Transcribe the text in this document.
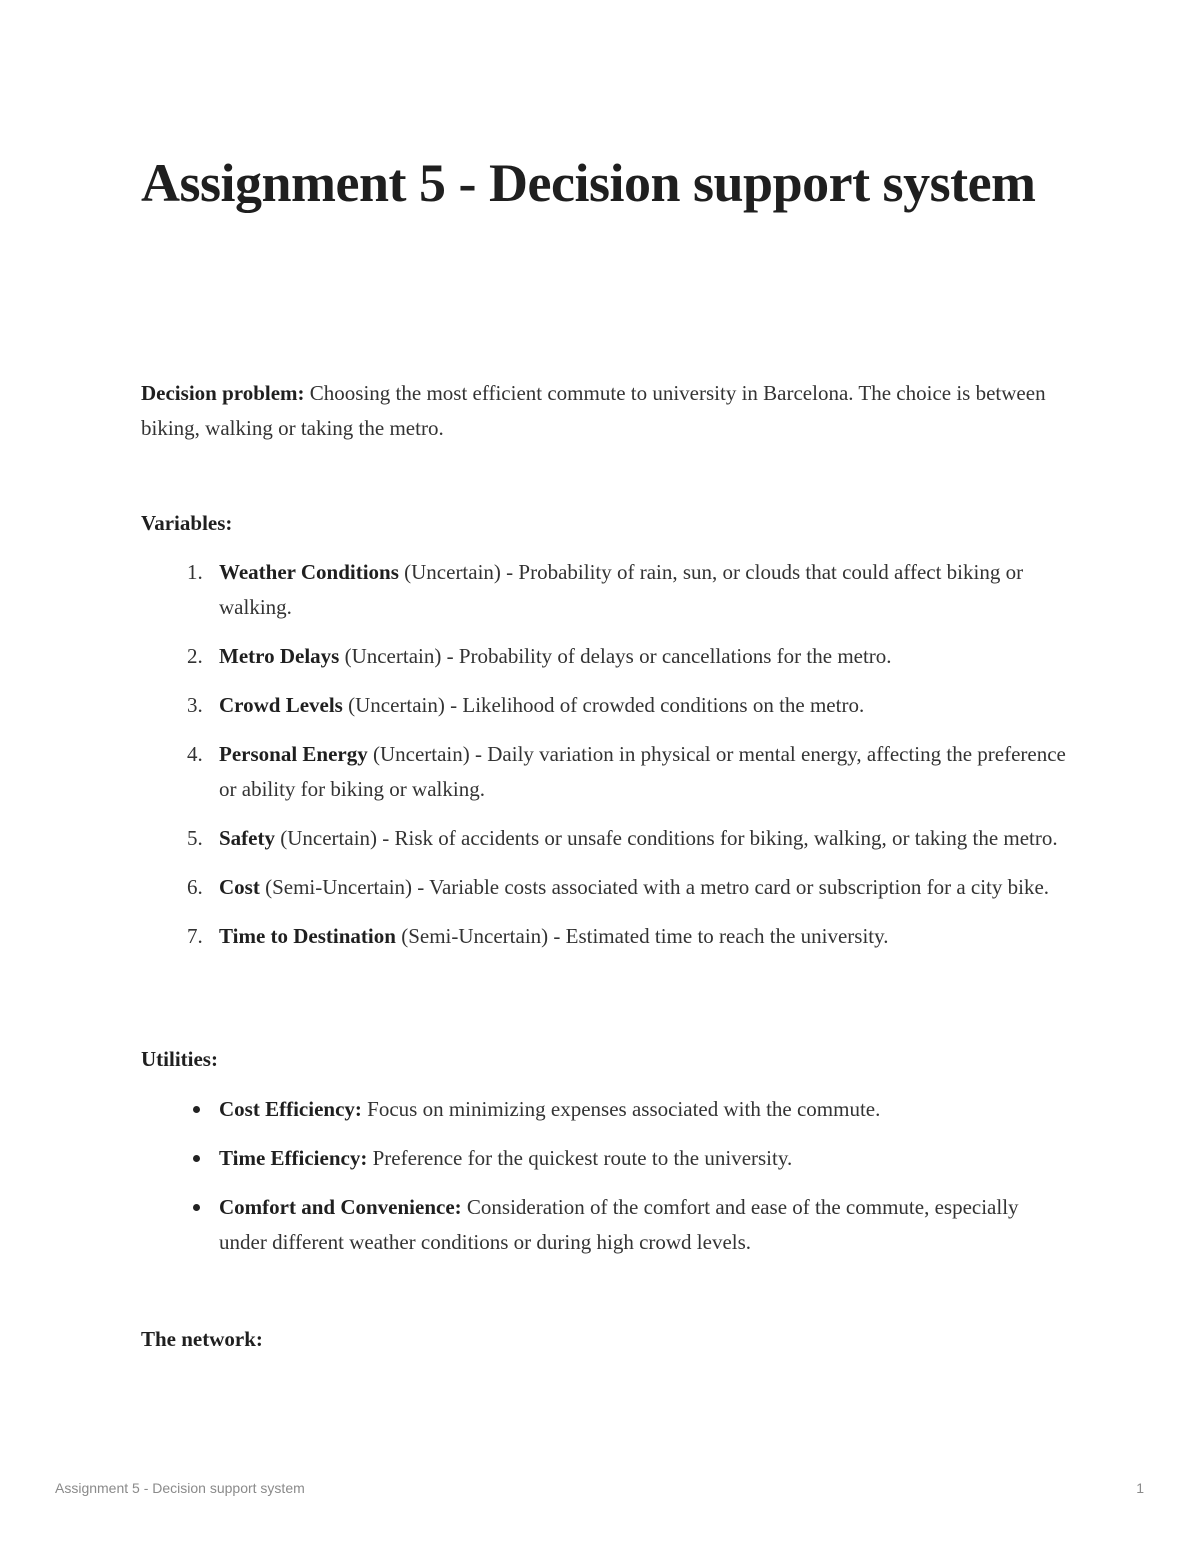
Assignment 5 - Decision support system

Decision problem: Choosing the most efficient commute to university in Barcelona. The choice is between biking, walking or taking the metro.

Variables:
1. Weather Conditions (Uncertain) - Probability of rain, sun, or clouds that could affect biking or walking.
2. Metro Delays (Uncertain) - Probability of delays or cancellations for the metro.
3. Crowd Levels (Uncertain) - Likelihood of crowded conditions on the metro.
4. Personal Energy (Uncertain) - Daily variation in physical or mental energy, affecting the preference or ability for biking or walking.
5. Safety (Uncertain) - Risk of accidents or unsafe conditions for biking, walking, or taking the metro.
6. Cost (Semi-Uncertain) - Variable costs associated with a metro card or subscription for a city bike.
7. Time to Destination (Semi-Uncertain) - Estimated time to reach the university.
Utilities:
Cost Efficiency: Focus on minimizing expenses associated with the commute.
Time Efficiency: Preference for the quickest route to the university.
Comfort and Convenience: Consideration of the comfort and ease of the commute, especially under different weather conditions or during high crowd levels.
The network:
Assignment 5 - Decision support system	1
